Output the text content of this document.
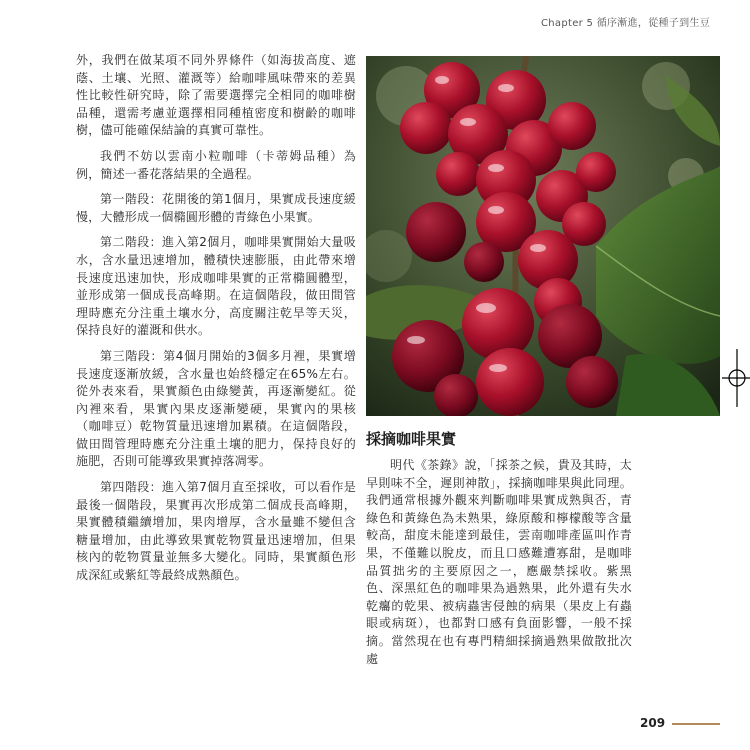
Chapter 5 循序漸進，從種子到生豆

外，我們在做某項不同外界條件（如海拔高度、遮蔭、土壤、光照、灌溉等）給咖啡風味帶來的差異性比較性研究時，除了需要選擇完全相同的咖啡樹品種，還需考慮並選擇相同種植密度和樹齡的咖啡樹，儘可能確保結論的真實可靠性。

我們不妨以雲南小粒咖啡（卡蒂姆品種）為例，簡述一番花落結果的全過程。

第一階段：花開後的第1個月，果實成長速度緩慢，大體形成一個橢圓形體的青綠色小果實。

第二階段：進入第2個月，咖啡果實開始大量吸水，含水量迅速增加，體積快速膨脹，由此帶來增長速度迅速加快，形成咖啡果實的正常橢圓體型，並形成第一個成長高峰期。在這個階段，做田間管理時應充分注重土壤水分，高度關注乾旱等天災，保持良好的灌溉和供水。

第三階段：第4個月開始的3個多月裡，果實增長速度逐漸放緩，含水量也始終穩定在65%左右。從外表來看，果實顏色由綠變黃，再逐漸變紅。從內裡來看，果實內果皮逐漸變硬，果實內的果核（咖啡豆）乾物質量迅速增加累積。在這個階段，做田間管理時應充分注重土壤的肥力，保持良好的施肥，否則可能導致果實掉落凋零。

第四階段：進入第7個月直至採收，可以看作是最後一個階段，果實再次形成第二個成長高峰期，果實體積繼續增加，果肉增厚，含水量雖不變但含糖量增加，由此導致果實乾物質量迅速增加，但果核內的乾物質量並無多大變化。同時，果實顏色形成深紅或紫紅等最終成熟顏色。

採摘咖啡果實

明代《茶錄》說，「採茶之候，貴及其時，太早則味不全，遲則神散」，採摘咖啡果與此同理。我們通常根據外觀來判斷咖啡果實成熟與否，青綠色和黃綠色為未熟果，綠原酸和檸檬酸等含量較高，甜度未能達到最佳，雲南咖啡產區叫作青果，不僅難以脫皮，而且口感難遭寡甜，是咖啡品質拙劣的主要原因之一，應嚴禁採收。紫黑色、深黑紅色的咖啡果為過熟果，此外還有失水乾癟的乾果、被病蟲害侵蝕的病果（果皮上有蟲眼或病斑），也都對口感有負面影響，一般不採摘。當然現在也有專門精細採摘過熟果做散批次處

209
